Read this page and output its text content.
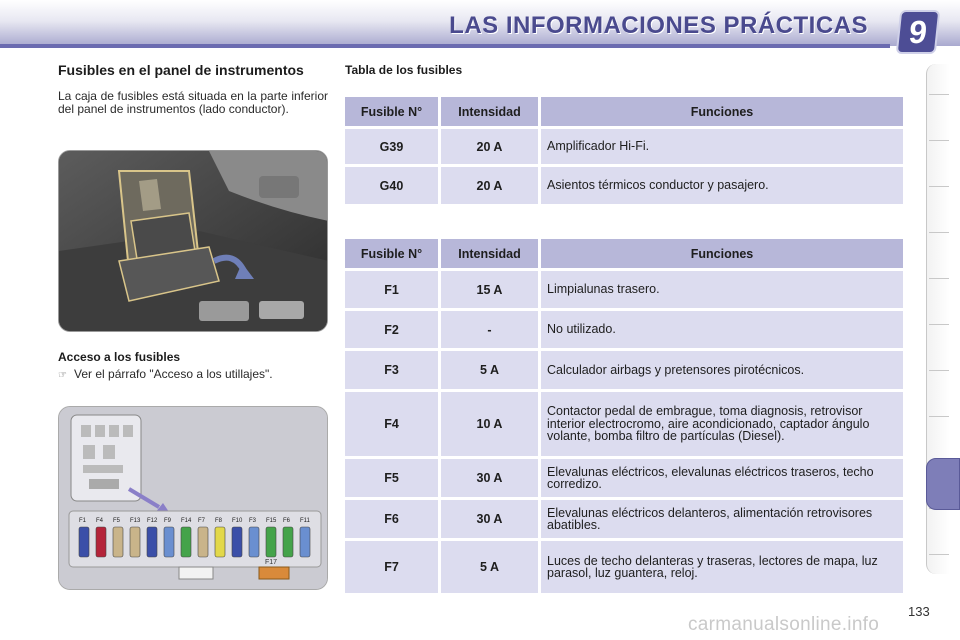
LAS INFORMACIONES PRÁCTICAS	9
Fusibles en el panel de instrumentos
La caja de fusibles está situada en la parte inferior del panel de instrumentos (lado conductor).
Acceso a los fusibles
☞ Ver el párrafo "Acceso a los utillajes".
F1 F4 F5 F13 F12 F9 F14 F7 F8 F10 F3 F15 F6 F11
F17
Tabla de los fusibles
Fusible N°	Intensidad	Funciones
G39	20 A	Amplificador Hi-Fi.
G40	20 A	Asientos térmicos conductor y pasajero.
Fusible N°	Intensidad	Funciones
F1	15 A	Limpialunas trasero.
F2	-	No utilizado.
F3	5 A	Calculador airbags y pretensores pirotécnicos.
F4	10 A	Contactor pedal de embrague, toma diagnosis, retrovisor interior electrocromo, aire acondicionado, captador ángulo volante, bomba filtro de partículas (Diesel).
F5	30 A	Elevalunas eléctricos, elevalunas eléctricos traseros, techo corredizo.
F6	30 A	Elevalunas eléctricos delanteros, alimentación retrovisores abatibles.
F7	5 A	Luces de techo delanteras y traseras, lectores de mapa, luz parasol, luz guantera, reloj.
133
carmanualsonline.info
